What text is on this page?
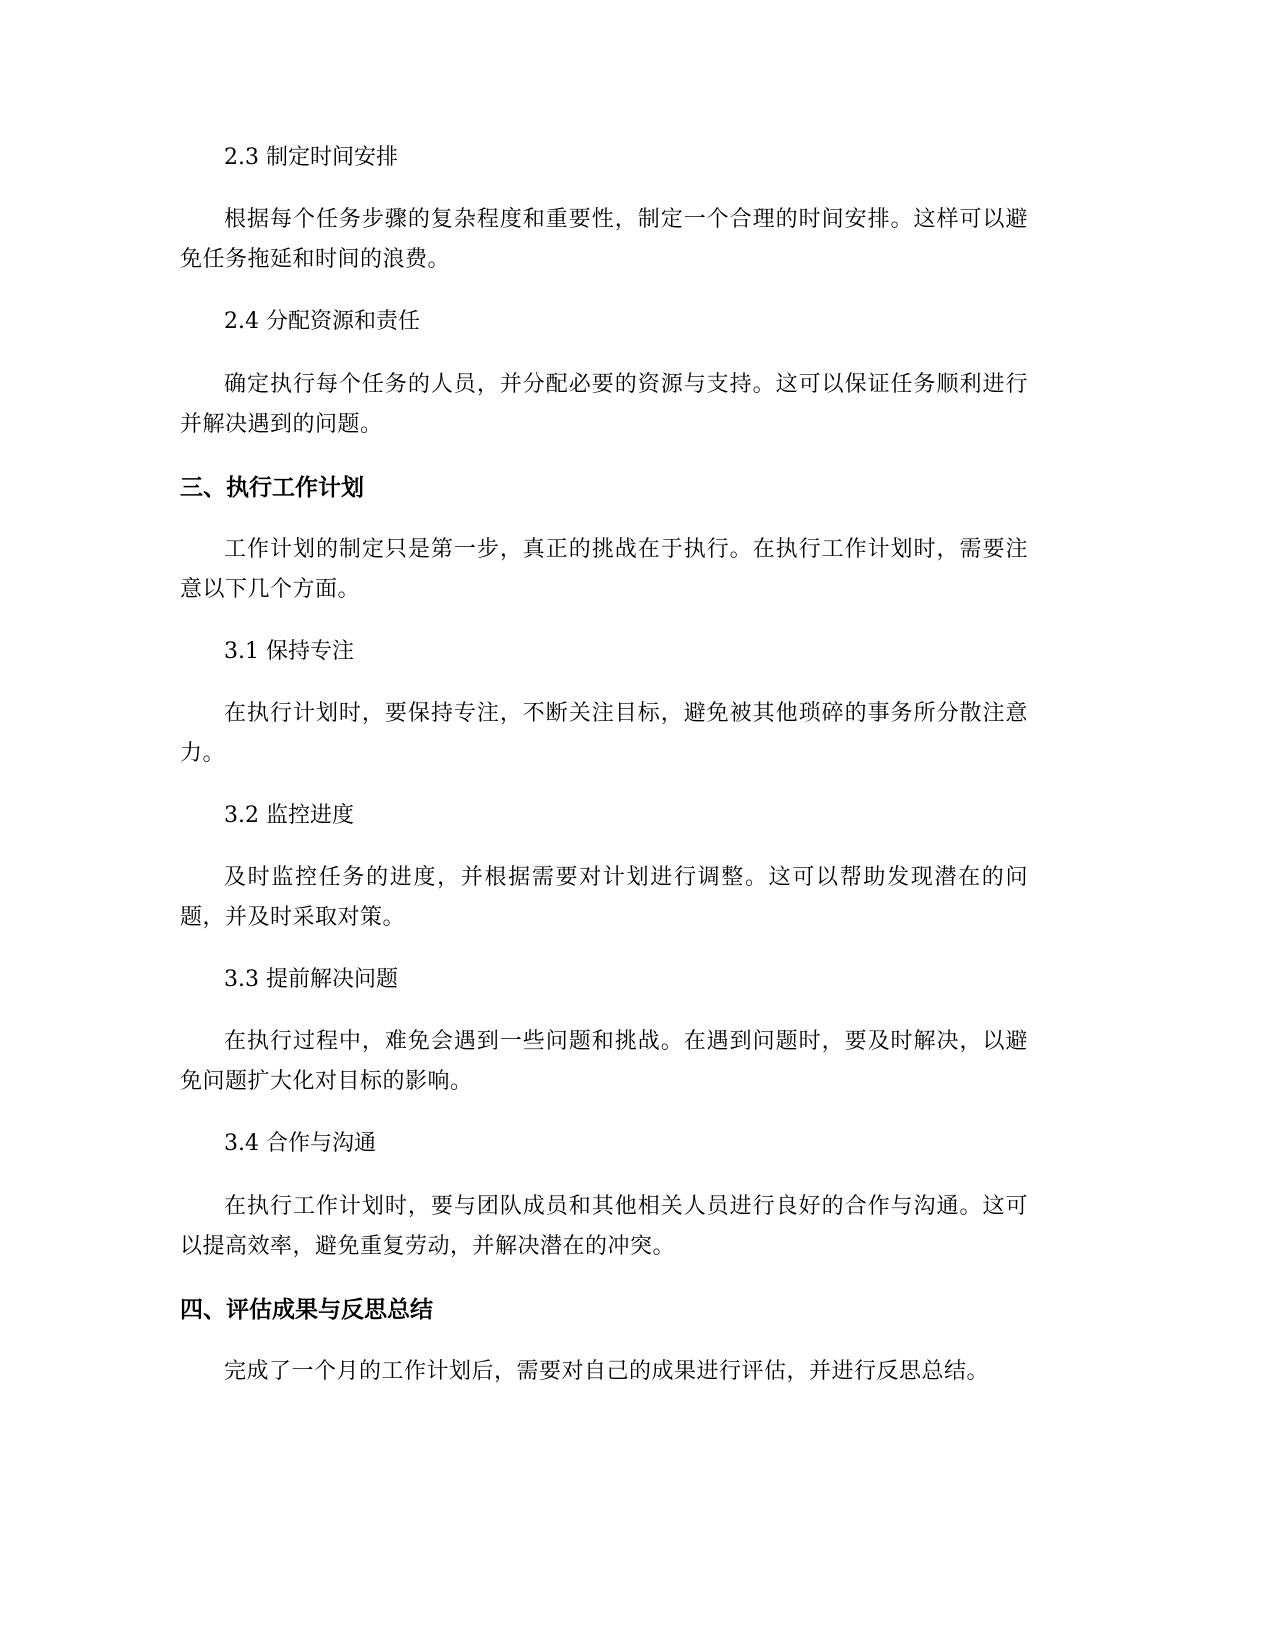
2.3 制定时间安排

根据每个任务步骤的复杂程度和重要性，制定一个合理的时间安排。这样可以避免任务拖延和时间的浪费。

2.4 分配资源和责任

确定执行每个任务的人员，并分配必要的资源与支持。这可以保证任务顺利进行并解决遇到的问题。

三、执行工作计划

工作计划的制定只是第一步，真正的挑战在于执行。在执行工作计划时，需要注意以下几个方面。

3.1 保持专注

在执行计划时，要保持专注，不断关注目标，避免被其他琐碎的事务所分散注意力。

3.2 监控进度

及时监控任务的进度，并根据需要对计划进行调整。这可以帮助发现潜在的问题，并及时采取对策。

3.3 提前解决问题

在执行过程中，难免会遇到一些问题和挑战。在遇到问题时，要及时解决，以避免问题扩大化对目标的影响。

3.4 合作与沟通

在执行工作计划时，要与团队成员和其他相关人员进行良好的合作与沟通。这可以提高效率，避免重复劳动，并解决潜在的冲突。

四、评估成果与反思总结

完成了一个月的工作计划后，需要对自己的成果进行评估，并进行反思总结。
